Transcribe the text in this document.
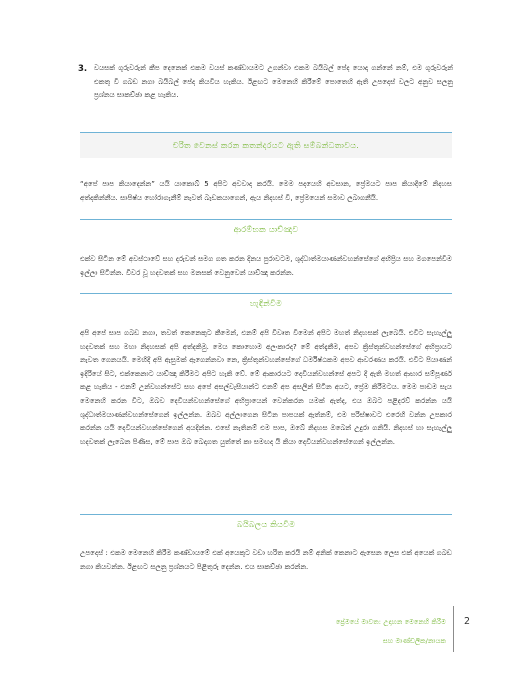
3. වයසක් ගුරුවරුන් කීප දෙනෙක් එකම වයස් කණ්ඩායමට උගන්වා එකම බයිබල් පේද යොදා ගන්නේ නම්, එම ගුරුවරුන් එකතු වී ගබඩ නගා බයිබල් පේද කියවිය හැකිය. ඊළඟට මෙනෙහි කිරීමේ පොතෙහි ඇති උපදෙස් වලට අනුව සලනු ප්‍රශ්නය සාකච්ඡා කළ හැකිය.

චරිත වෙනස් කරන කතන්දරයට ඇති සම්බන්ධතාවය.

“අපේ පාප කියාදෙන්න” යයි යාකොබ් 5 අපිට අවවාද කරයි. මෙම පදයෙහි අවසාන, ප්‍රේමයට පාප කියාදීමේ නිදහස අත්දකින්නීය. සාපිෂ්ය හෝරාගැනීම් නැවත් බැඩකයාගෙන්, ඇය නිදහස් වී, ප්‍රේමයෙන් සමාව ලබාගනීයි.

ආරම්භක යාච්ඤාව

එක්ව සිටින මේ අවස්ථාවේ සහ දරුවන් සමග ගත කරන දිනය පුරාවටම, ශුද්ධාත්මයාණන්වහන්සේගේ අභිප්‍රිය සහ මගපෙන්වීම ඉල්ලා සිටින්න. විවර වූ හදවතක් සහ මනසක් වෙනුවෙන් යාච්ඤා කරන්න.

හැඳින්වීම

අපි අපේ සාප ගබඩ නගා, තවත් කෙනෙකුට කීමෙන්, එනම් අපි විවෘත වීමෙන් අපිට මහත් නිදහසක් ලැබෙයි. එවිට සැහැල්ලු හදවතක් සහ මහා නිදහසක් අපි අත්දකිමු. මෙය කොහොම අලංකාරද? මේ අත්දැකීම, අපව ක්‍රිස්තුන්වහන්සේගේ අභිප්‍රායට නැවත ගෙනයයි. මෙහිදී අපි ඇසුමක් ඇගෙන්නවා නෙ, ක්‍රිස්තුන්වහන්සේගේ ධර්මිෂ්ඨකම අපව ආවරණය කරයි. එවිට පියාණන් ඉදිරියේ සිට, එක්කෙනාට යාච්ඤා කිරීමට අපිට හැකි වේ. මේ ආකාරයට දෙවියන්වහන්සේ අපට දී ඇති මහත් ආභාර සම්පූර්ණ කළ හැකිය - එනම් උන්වහන්සේට සහ අපේ අසල්වැසියාන්ට එනම් අප අසලින් සිටින අයට, ප්‍රේම කිරීමටය. මෙම පාඩම සැය මෙනෙහි කරන විට, ඔබව දෙවියන්වහන්සේගේ අභිප්‍රායෙන් වෙන්කරන යමක් ඇත්ද, එය ඔබට පළිදරව් කරන්න යයි ශුද්ධාත්මයාණන්වහන්සේගෙන් ඉල්ලන්න. ඔබව අල්ලාගෙන සිටින පාපයක් ඇත්නම්, එම පරිස්ෂාවට එරෙහි වන්න උපකාර කරන්න යයි දෙවියන්වහන්සේගෙන් අයදින්න. එසේ නැතිනම් එම පාප, ඔබේ නිදහස ඔබෙන් උදුරා ගනියි. නිදහස් හා සැහැල්ලු හදවතක් ලැබෙන පිණිස, මේ පාප ඔබ බෙදාගත යුත්තේ කා සමඟද යි කියා දෙවියන්වහන්සේගෙන් ඉල්ලන්න.

බයිබලය කියවීම

උපදෙස් : එකම මෙනෙහි කිරීම කණ්ඩායමේ එක් අයෙකුට වඩා හරිත කරයි නම් අනික් කෙනාට ඇසෙන ලෙස එක් අයෙක් ගබඩ නගා කියවන්න. ඊළඟට සලනු ප්‍රශ්නයට පිළිතුරු දෙන්න. එය සාකච්ඡා කරන්න.

ප්‍රේමයේ මාවත: උදාහන මෙනෙහි කිරීම
සහ මාණ්ඩලික/නායක
2
